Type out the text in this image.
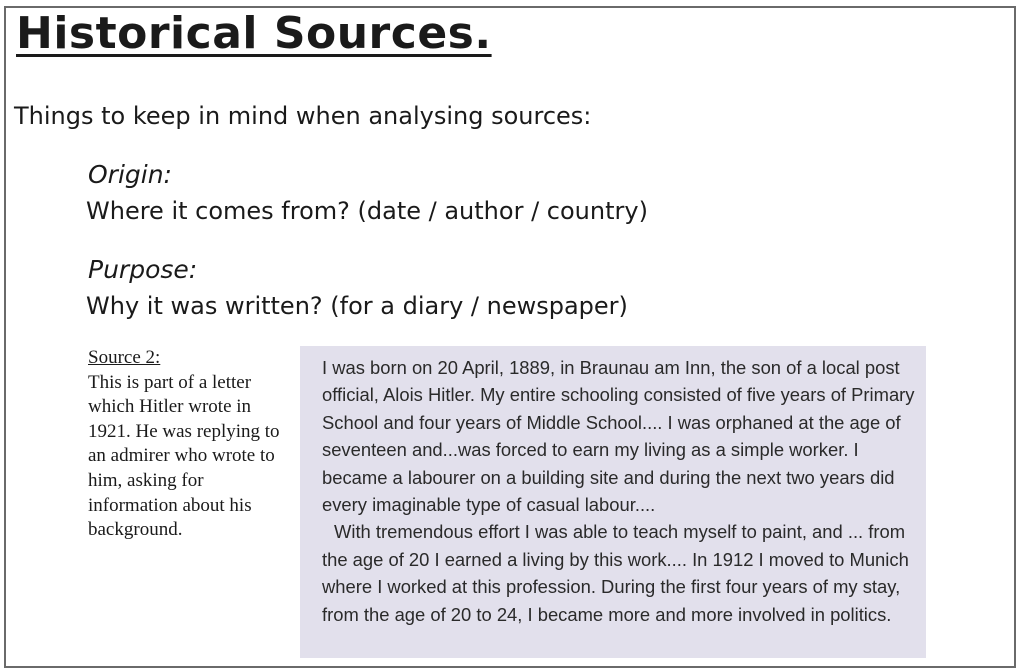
Historical Sources.
Things to keep in mind when analysing sources:
Origin:
Where it comes from? (date / author / country)
Purpose:
Why it was written? (for a diary / newspaper)
Source 2:
This is part of a letter which Hitler wrote in 1921. He was replying to an admirer who wrote to him, asking for information about his background.

I was born on 20 April, 1889, in Braunau am Inn, the son of a local post official, Alois Hitler. My entire schooling consisted of five years of Primary School and four years of Middle School.... I was orphaned at the age of seventeen and...was forced to earn my living as a simple worker. I became a labourer on a building site and during the next two years did every imaginable type of casual labour....

With tremendous effort I was able to teach myself to paint, and ... from the age of 20 I earned a living by this work.... In 1912 I moved to Munich where I worked at this profession. During the first four years of my stay, from the age of 20 to 24, I became more and more involved in politics.
